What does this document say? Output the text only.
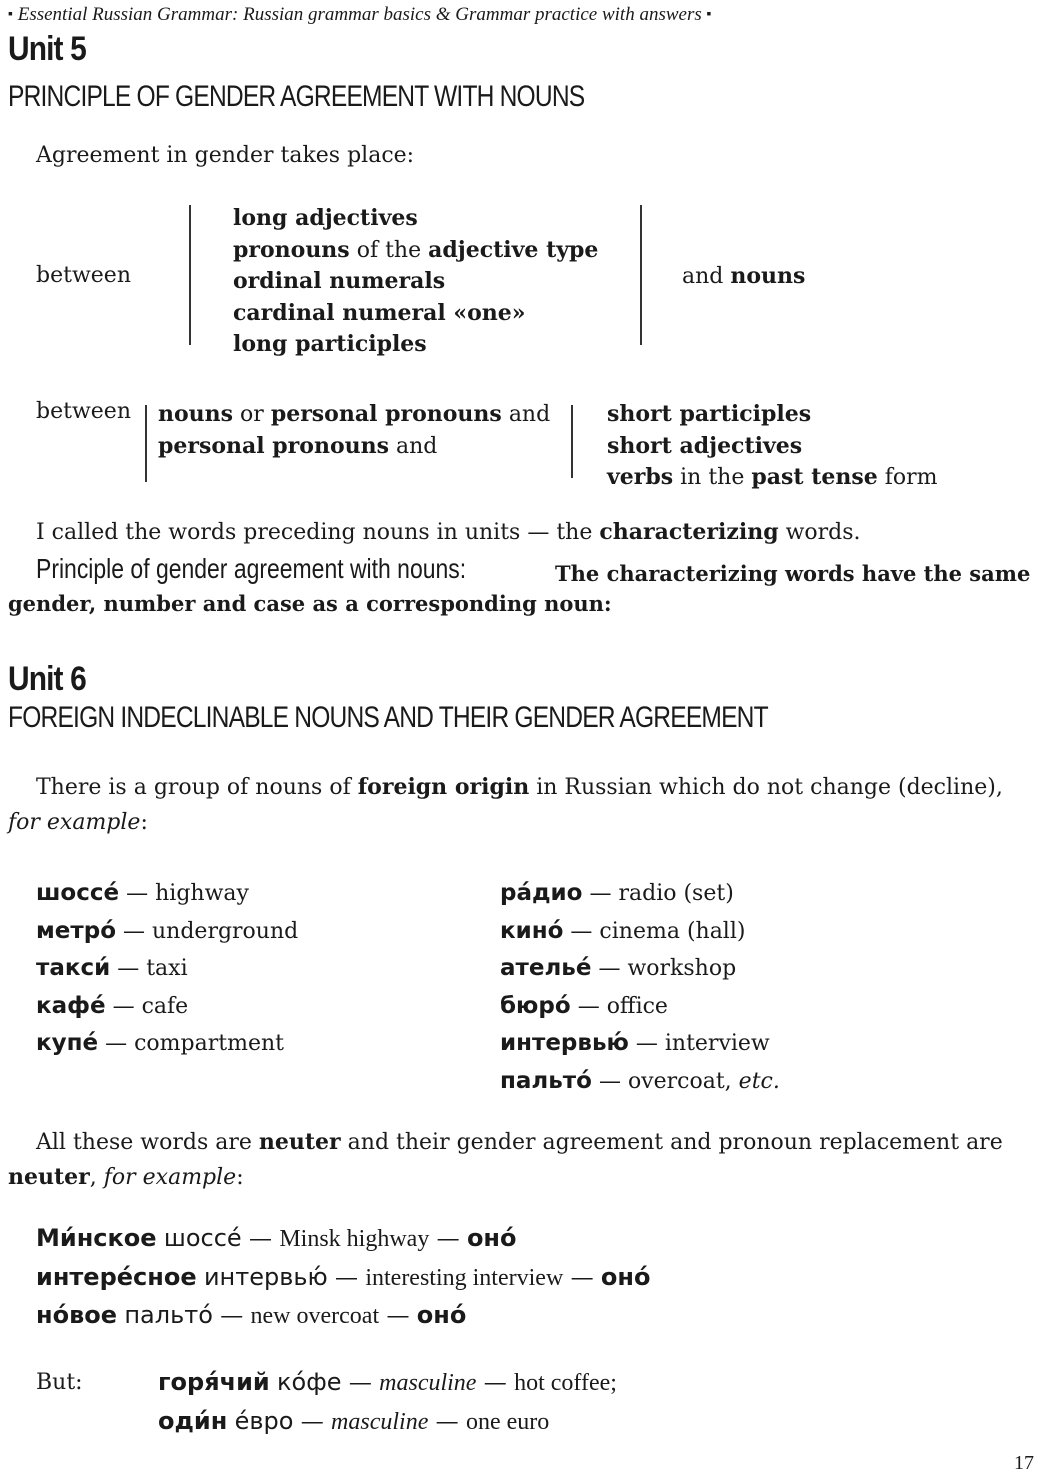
▪ Essential Russian Grammar: Russian grammar basics & Grammar practice with answers ▪
Unit 5
PRINCIPLE OF GENDER AGREEMENT WITH NOUNS
Agreement in gender takes place:
between
long adjectives
pronouns of the adjective type
ordinal numerals
cardinal numeral «one»
long participles
and nouns
between nouns or personal pronouns and
personal pronouns and
short participles
short adjectives
verbs in the past tense form
I called the words preceding nouns in units — the characterizing words.
Principle of gender agreement with nouns:	The characterizing words have the same
gender, number and case as a corresponding noun:
Unit 6
FOREIGN INDECLINABLE NOUNS AND THEIR GENDER AGREEMENT
There is a group of nouns of foreign origin in Russian which do not change (decline),
for example:
шоссе́ — highway
метро́ — underground
такси́ — taxi
кафе́ — cafe
купе́ — compartment
ра́дио — radio (set)
кино́ — cinema (hall)
ателье́ — workshop
бюро́ — office
интервью́ — interview
пальто́ — overcoat, etc.
All these words are neuter and their gender agreement and pronoun replacement are
neuter, for example:
Ми́нское шоссе́ — Minsk highway — оно́
интере́сное интервью́ — interesting interview — оно́
но́вое пальто́ — new overcoat — оно́
But:	горя́чий ко́фе — masculine — hot coffee;
оди́н е́вро — masculine — one euro
17
